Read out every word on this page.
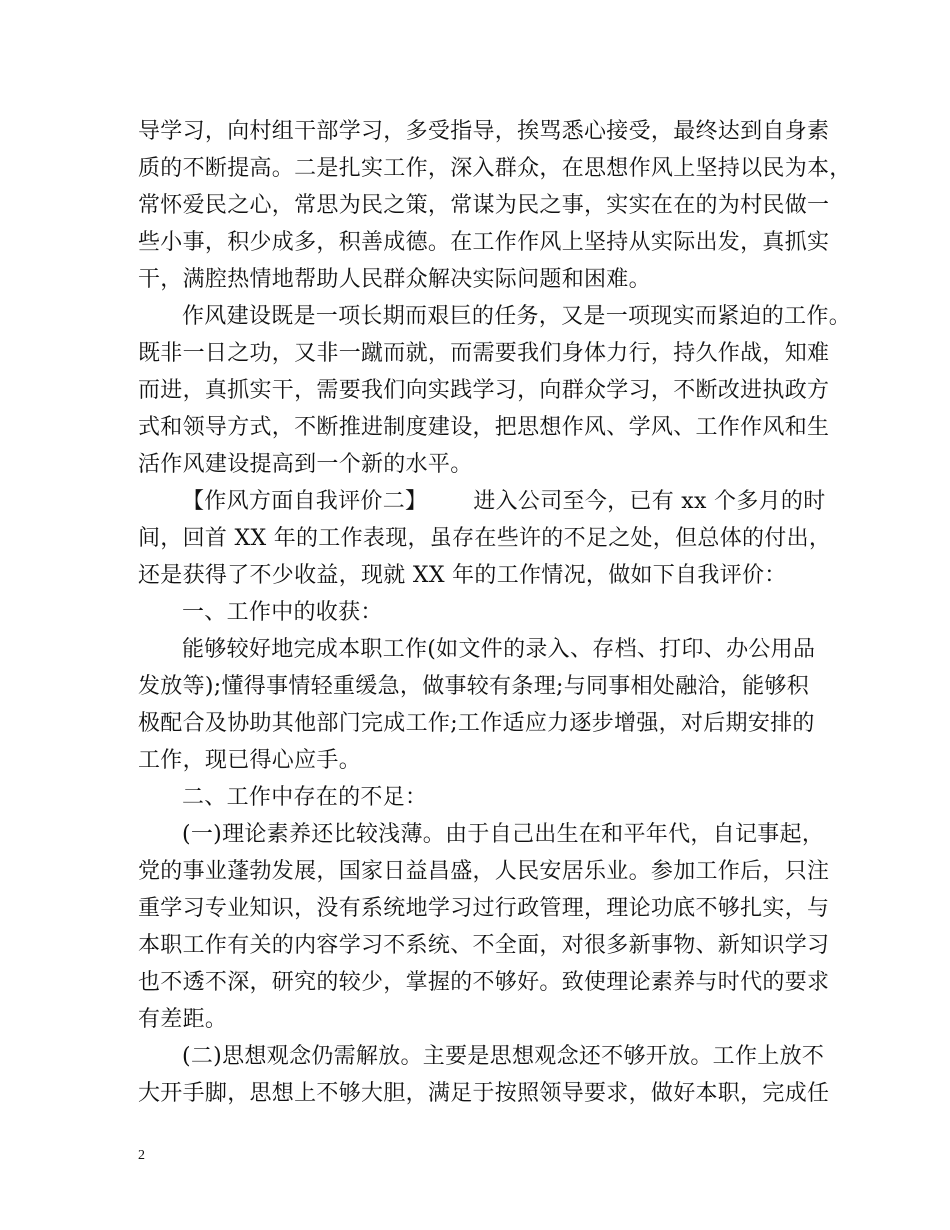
导学习，向村组干部学习，多受指导，挨骂悉心接受，最终达到自身素
质的不断提高。二是扎实工作，深入群众，在思想作风上坚持以民为本，
常怀爱民之心，常思为民之策，常谋为民之事，实实在在的为村民做一
些小事，积少成多，积善成德。在工作作风上坚持从实际出发，真抓实
干，满腔热情地帮助人民群众解决实际问题和困难。
作风建设既是一项长期而艰巨的任务，又是一项现实而紧迫的工作。
既非一日之功，又非一蹴而就，而需要我们身体力行，持久作战，知难
而进，真抓实干，需要我们向实践学习，向群众学习，不断改进执政方
式和领导方式，不断推进制度建设，把思想作风、学风、工作作风和生
活作风建设提高到一个新的水平。
【作风方面自我评价二】 进入公司至今，已有 xx 个多月的时
间，回首 XX 年的工作表现，虽存在些许的不足之处，但总体的付出，
还是获得了不少收益，现就 XX 年的工作情况，做如下自我评价：
一、工作中的收获：
能够较好地完成本职工作(如文件的录入、存档、打印、办公用品
发放等);懂得事情轻重缓急，做事较有条理;与同事相处融洽，能够积
极配合及协助其他部门完成工作;工作适应力逐步增强，对后期安排的
工作，现已得心应手。
二、工作中存在的不足：
(一)理论素养还比较浅薄。由于自己出生在和平年代，自记事起，
党的事业蓬勃发展，国家日益昌盛，人民安居乐业。参加工作后，只注
重学习专业知识，没有系统地学习过行政管理，理论功底不够扎实，与
本职工作有关的内容学习不系统、不全面，对很多新事物、新知识学习
也不透不深，研究的较少，掌握的不够好。致使理论素养与时代的要求
有差距。
(二)思想观念仍需解放。主要是思想观念还不够开放。工作上放不
大开手脚，思想上不够大胆，满足于按照领导要求，做好本职，完成任
2
